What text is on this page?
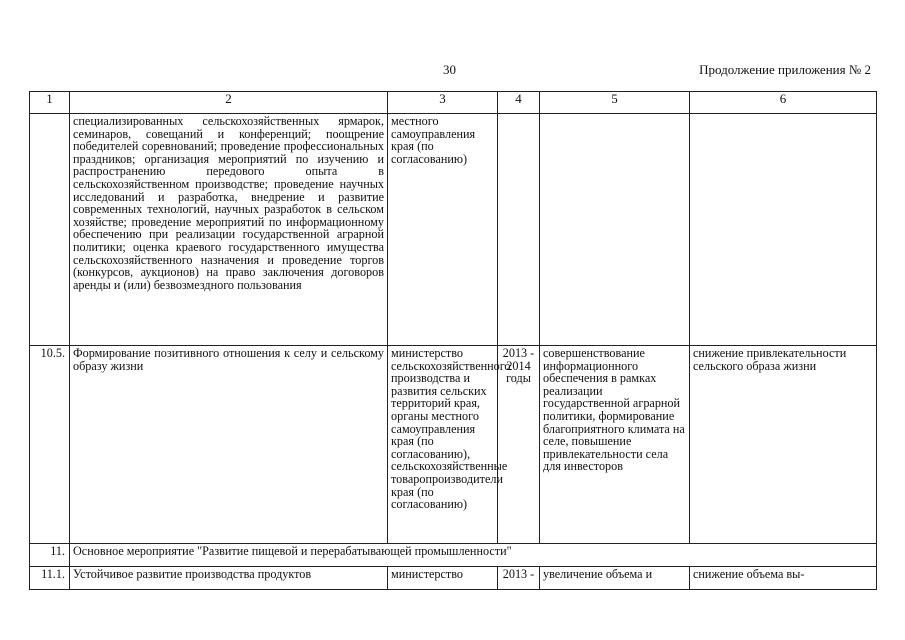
30	Продолжение приложения № 2
1	2	3	4	5	6
	специализированных сельскохозяйственных ярмарок, семинаров, совещаний и конференций; поощрение победителей соревнований; проведение профессиональных праздников; организация мероприятий по изучению и распространению передового опыта в сельскохозяйственном производстве; проведение научных исследований и разработка, внедрение и развитие современных технологий, научных разработок в сельском хозяйстве; проведение мероприятий по информационному обеспечению при реализации государственной аграрной политики; оценка краевого государственного имущества сельскохозяйственного назначения и проведение торгов (конкурсов, аукционов) на право заключения договоров аренды и (или) безвозмездного пользования	местного самоуправления края (по согласованию)			
10.5.	Формирование позитивного отношения к селу и сельскому образу жизни	министерство сельскохозяйственного производства и развития сельских территорий края, органы местного самоуправления края (по согласованию), сельскохозяйственные товаропроизводители края (по согласованию)	2013 - 2014 годы	совершенствование информационного обеспечения в рамках реализации государственной аграрной политики, формирование благоприятного климата на селе, повышение привлекательности села для инвесторов	снижение привлекательности сельского образа жизни
11.	Основное мероприятие "Развитие пищевой и перерабатывающей промышленности"				
11.1.	Устойчивое развитие производства продуктов	министерство	2013 -	увеличение объема и	снижение объема вы-
